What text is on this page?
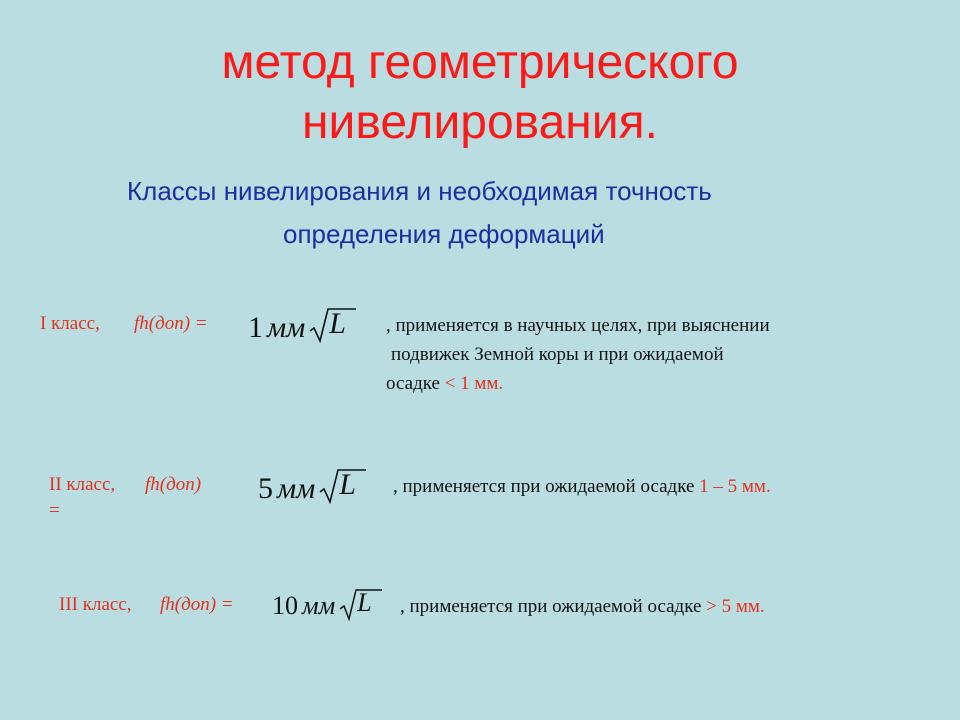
метод геометрического
нивелирования.
Классы нивелирования и необходимая точность
определения деформаций
I класс, fh(доп) = 1 мм L , применяется в научных целях, при выяснении
подвижек Земной коры и при ожидаемой
осадке < 1 мм.
II класс, fh(доп)
=
5 мм L , применяется при ожидаемой осадке 1 – 5 мм.
III класс, fh(доп) = 10 мм L , применяется при ожидаемой осадке > 5 мм.
